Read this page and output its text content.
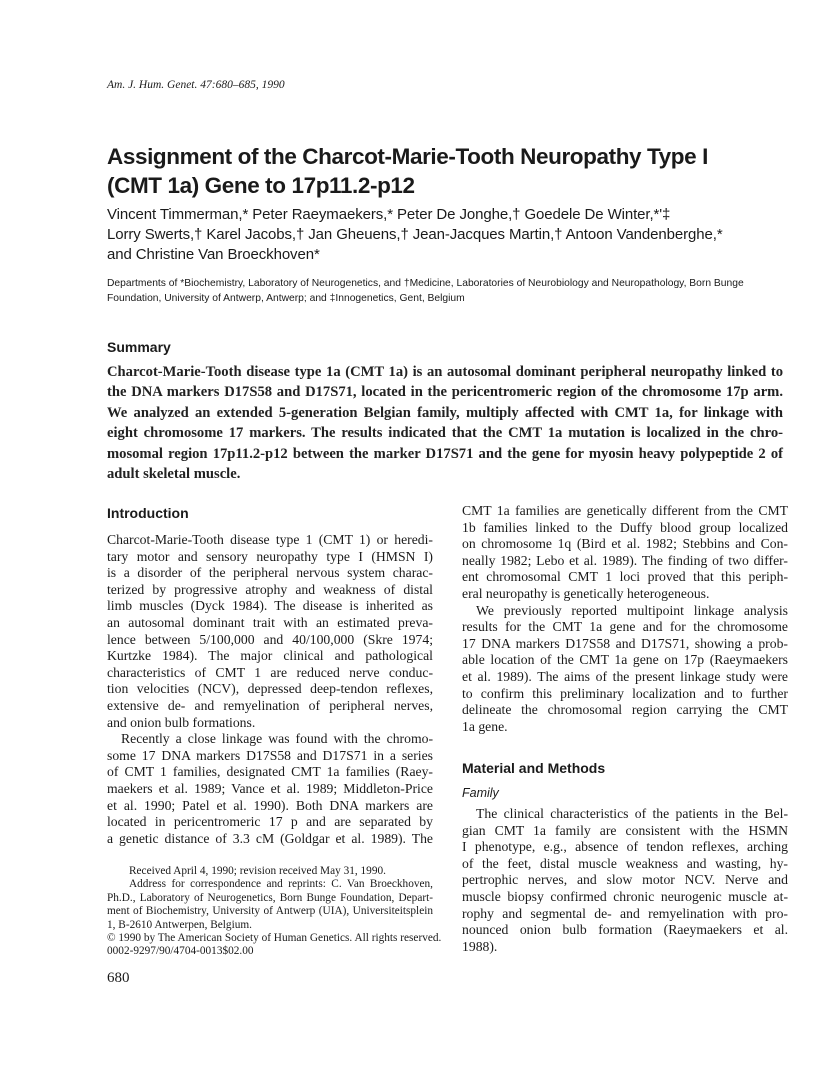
Am. J. Hum. Genet. 47:680–685, 1990
Assignment of the Charcot-Marie-Tooth Neuropathy Type I
(CMT 1a) Gene to 17p11.2-p12
Vincent Timmerman,* Peter Raeymaekers,* Peter De Jonghe,† Goedele De Winter,*'‡
Lorry Swerts,† Karel Jacobs,† Jan Gheuens,† Jean-Jacques Martin,† Antoon Vandenberghe,*
and Christine Van Broeckhoven*
Departments of *Biochemistry, Laboratory of Neurogenetics, and †Medicine, Laboratories of Neurobiology and Neuropathology, Born Bunge
Foundation, University of Antwerp, Antwerp; and ‡Innogenetics, Gent, Belgium
Summary
Charcot-Marie-Tooth disease type 1a (CMT 1a) is an autosomal dominant peripheral neuropathy linked to
the DNA markers D17S58 and D17S71, located in the pericentromeric region of the chromosome 17p arm.
We analyzed an extended 5-generation Belgian family, multiply affected with CMT 1a, for linkage with
eight chromosome 17 markers. The results indicated that the CMT 1a mutation is localized in the chro-
mosomal region 17p11.2-p12 between the marker D17S71 and the gene for myosin heavy polypeptide 2 of
adult skeletal muscle.
Introduction
Charcot-Marie-Tooth disease type 1 (CMT 1) or heredi-
tary motor and sensory neuropathy type I (HMSN I)
is a disorder of the peripheral nervous system charac-
terized by progressive atrophy and weakness of distal
limb muscles (Dyck 1984). The disease is inherited as
an autosomal dominant trait with an estimated preva-
lence between 5/100,000 and 40/100,000 (Skre 1974;
Kurtzke 1984). The major clinical and pathological
characteristics of CMT 1 are reduced nerve conduc-
tion velocities (NCV), depressed deep-tendon reflexes,
extensive de- and remyelination of peripheral nerves,
and onion bulb formations.
Recently a close linkage was found with the chromo-
some 17 DNA markers D17S58 and D17S71 in a series
of CMT 1 families, designated CMT 1a families (Raey-
maekers et al. 1989; Vance et al. 1989; Middleton-Price
et al. 1990; Patel et al. 1990). Both DNA markers are
located in pericentromeric 17 p and are separated by
a genetic distance of 3.3 cM (Goldgar et al. 1989). The
CMT 1a families are genetically different from the CMT
1b families linked to the Duffy blood group localized
on chromosome 1q (Bird et al. 1982; Stebbins and Con-
neally 1982; Lebo et al. 1989). The finding of two differ-
ent chromosomal CMT 1 loci proved that this periph-
eral neuropathy is genetically heterogeneous.
We previously reported multipoint linkage analysis
results for the CMT 1a gene and for the chromosome
17 DNA markers D17S58 and D17S71, showing a prob-
able location of the CMT 1a gene on 17p (Raeymaekers
et al. 1989). The aims of the present linkage study were
to confirm this preliminary localization and to further
delineate the chromosomal region carrying the CMT
1a gene.
Material and Methods
Family
The clinical characteristics of the patients in the Bel-
gian CMT 1a family are consistent with the HSMN
I phenotype, e.g., absence of tendon reflexes, arching
of the feet, distal muscle weakness and wasting, hy-
pertrophic nerves, and slow motor NCV. Nerve and
muscle biopsy confirmed chronic neurogenic muscle at-
rophy and segmental de- and remyelination with pro-
nounced onion bulb formation (Raeymaekers et al.
1988).
Received April 4, 1990; revision received May 31, 1990.
Address for correspondence and reprints: C. Van Broeckhoven,
Ph.D., Laboratory of Neurogenetics, Born Bunge Foundation, Depart-
ment of Biochemistry, University of Antwerp (UIA), Universiteitsplein
1, B-2610 Antwerpen, Belgium.
© 1990 by The American Society of Human Genetics. All rights reserved.
0002-9297/90/4704-0013$02.00
680
